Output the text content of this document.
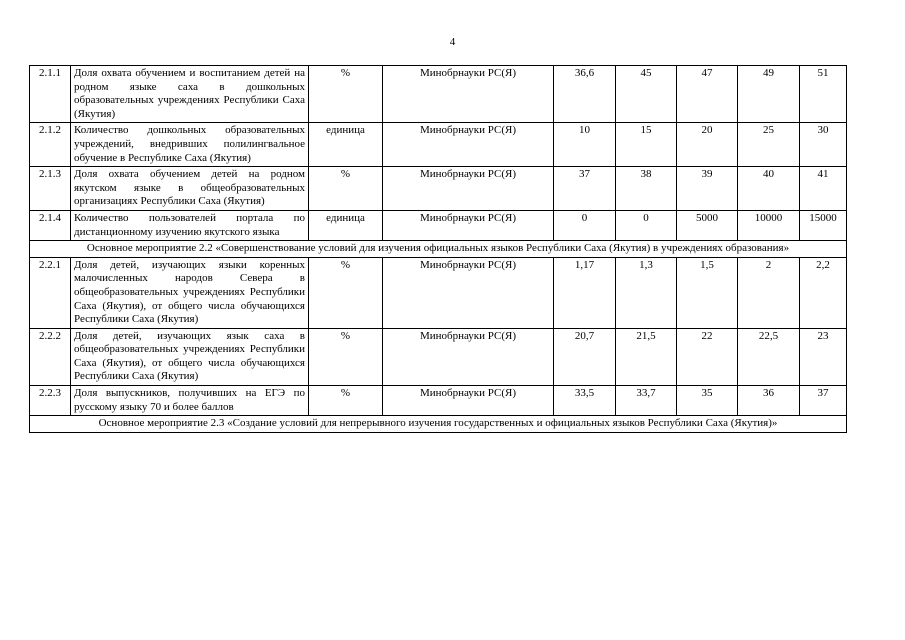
4
2.1.1	Доля охвата обучением и воспитанием детей на родном языке саха в дошкольных образовательных учреждениях Республики Саха (Якутия)	%	Минобрнауки РС(Я)	36,6	45	47	49	51
2.1.2	Количество дошкольных образовательных учреждений, внедривших полилингвальное обучение в Республике Саха (Якутия)	единица	Минобрнауки РС(Я)	10	15	20	25	30
2.1.3	Доля охвата обучением детей на родном якутском языке в общеобразовательных организациях Республики Саха (Якутия)	%	Минобрнауки РС(Я)	37	38	39	40	41
2.1.4	Количество пользователей портала по дистанционному изучению якутского языка	единица	Минобрнауки РС(Я)	0	0	5000	10000	15000
Основное мероприятие 2.2 «Совершенствование условий для изучения официальных языков Республики Саха (Якутия) в учреждениях образования»								
2.2.1	Доля детей, изучающих языки коренных малочисленных народов Севера в общеобразовательных учреждениях Республики Саха (Якутия), от общего числа обучающихся Республики Саха (Якутия)	%	Минобрнауки РС(Я)	1,17	1,3	1,5	2	2,2
2.2.2	Доля детей, изучающих язык саха в общеобразовательных учреждениях Республики Саха (Якутия), от общего числа обучающихся Республики Саха (Якутия)	%	Минобрнауки РС(Я)	20,7	21,5	22	22,5	23
2.2.3	Доля выпускников, получивших на ЕГЭ по русскому языку 70 и более баллов	%	Минобрнауки РС(Я)	33,5	33,7	35	36	37
Основное мероприятие 2.3 «Создание условий для непрерывного изучения государственных и официальных языков Республики Саха (Якутия)»								
